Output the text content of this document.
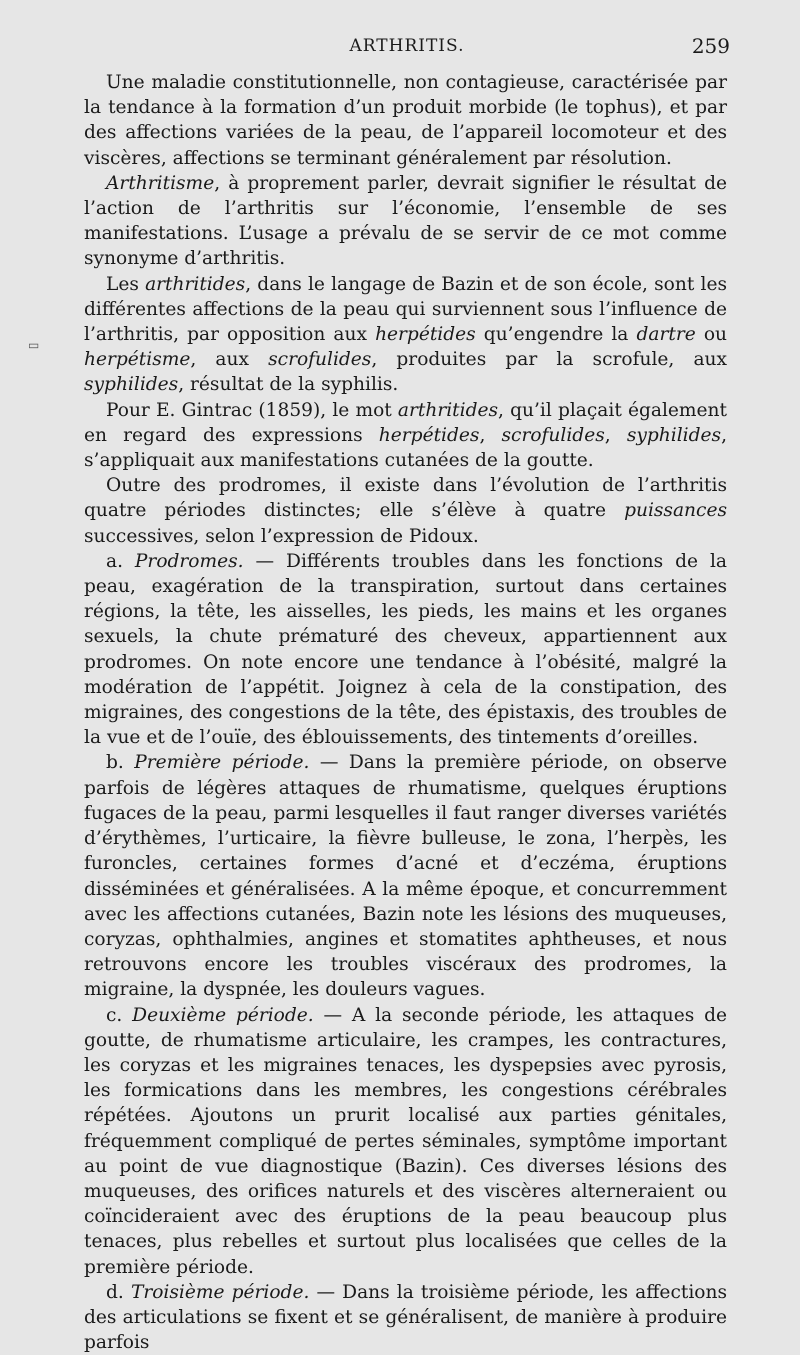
ARTHRITIS.	259
▭

Une maladie constitutionnelle, non contagieuse, caractérisée par la tendance à la formation d’un produit morbide (le tophus), et par des affections variées de la peau, de l’appareil locomoteur et des viscères, affections se terminant généralement par résolution.

Arthritisme, à proprement parler, devrait signifier le résultat de l’action de l’arthritis sur l’économie, l’ensemble de ses manifestations. L’usage a prévalu de se servir de ce mot comme synonyme d’arthritis.

Les arthritides, dans le langage de Bazin et de son école, sont les différentes affections de la peau qui surviennent sous l’influence de l’arthritis, par opposition aux herpétides qu’engendre la dartre ou herpétisme, aux scrofulides, produites par la scrofule, aux syphilides, résultat de la syphilis.

Pour E. Gintrac (1859), le mot arthritides, qu’il plaçait également en regard des expressions herpétides, scrofulides, syphilides, s’appliquait aux manifestations cutanées de la goutte.

Outre des prodromes, il existe dans l’évolution de l’arthritis quatre périodes distinctes; elle s’élève à quatre puissances successives, selon l’expression de Pidoux.

a. Prodromes. — Différents troubles dans les fonctions de la peau, exagération de la transpiration, surtout dans certaines régions, la tête, les aisselles, les pieds, les mains et les organes sexuels, la chute prématuré des cheveux, appartiennent aux prodromes. On note encore une tendance à l’obésité, malgré la modération de l’appétit. Joignez à cela de la constipation, des migraines, des congestions de la tête, des épistaxis, des troubles de la vue et de l’ouïe, des éblouissements, des tintements d’oreilles.

b. Première période. — Dans la première période, on observe parfois de légères attaques de rhumatisme, quelques éruptions fugaces de la peau, parmi lesquelles il faut ranger diverses variétés d’érythèmes, l’urticaire, la fièvre bulleuse, le zona, l’herpès, les furoncles, certaines formes d’acné et d’eczéma, éruptions disséminées et généralisées. A la même époque, et concurremment avec les affections cutanées, Bazin note les lésions des muqueuses, coryzas, ophthalmies, angines et stomatites aphtheuses, et nous retrouvons encore les troubles viscéraux des prodromes, la migraine, la dyspnée, les douleurs vagues.

c. Deuxième période. — A la seconde période, les attaques de goutte, de rhumatisme articulaire, les crampes, les contractures, les coryzas et les migraines tenaces, les dyspepsies avec pyrosis, les formications dans les membres, les congestions cérébrales répétées. Ajoutons un prurit localisé aux parties génitales, fréquemment compliqué de pertes séminales, symptôme important au point de vue diagnostique (Bazin). Ces diverses lésions des muqueuses, des orifices naturels et des viscères alterneraient ou coïncideraient avec des éruptions de la peau beaucoup plus tenaces, plus rebelles et surtout plus localisées que celles de la première période.

d. Troisième période. — Dans la troisième période, les affections des articulations se fixent et se généralisent, de manière à produire parfois
